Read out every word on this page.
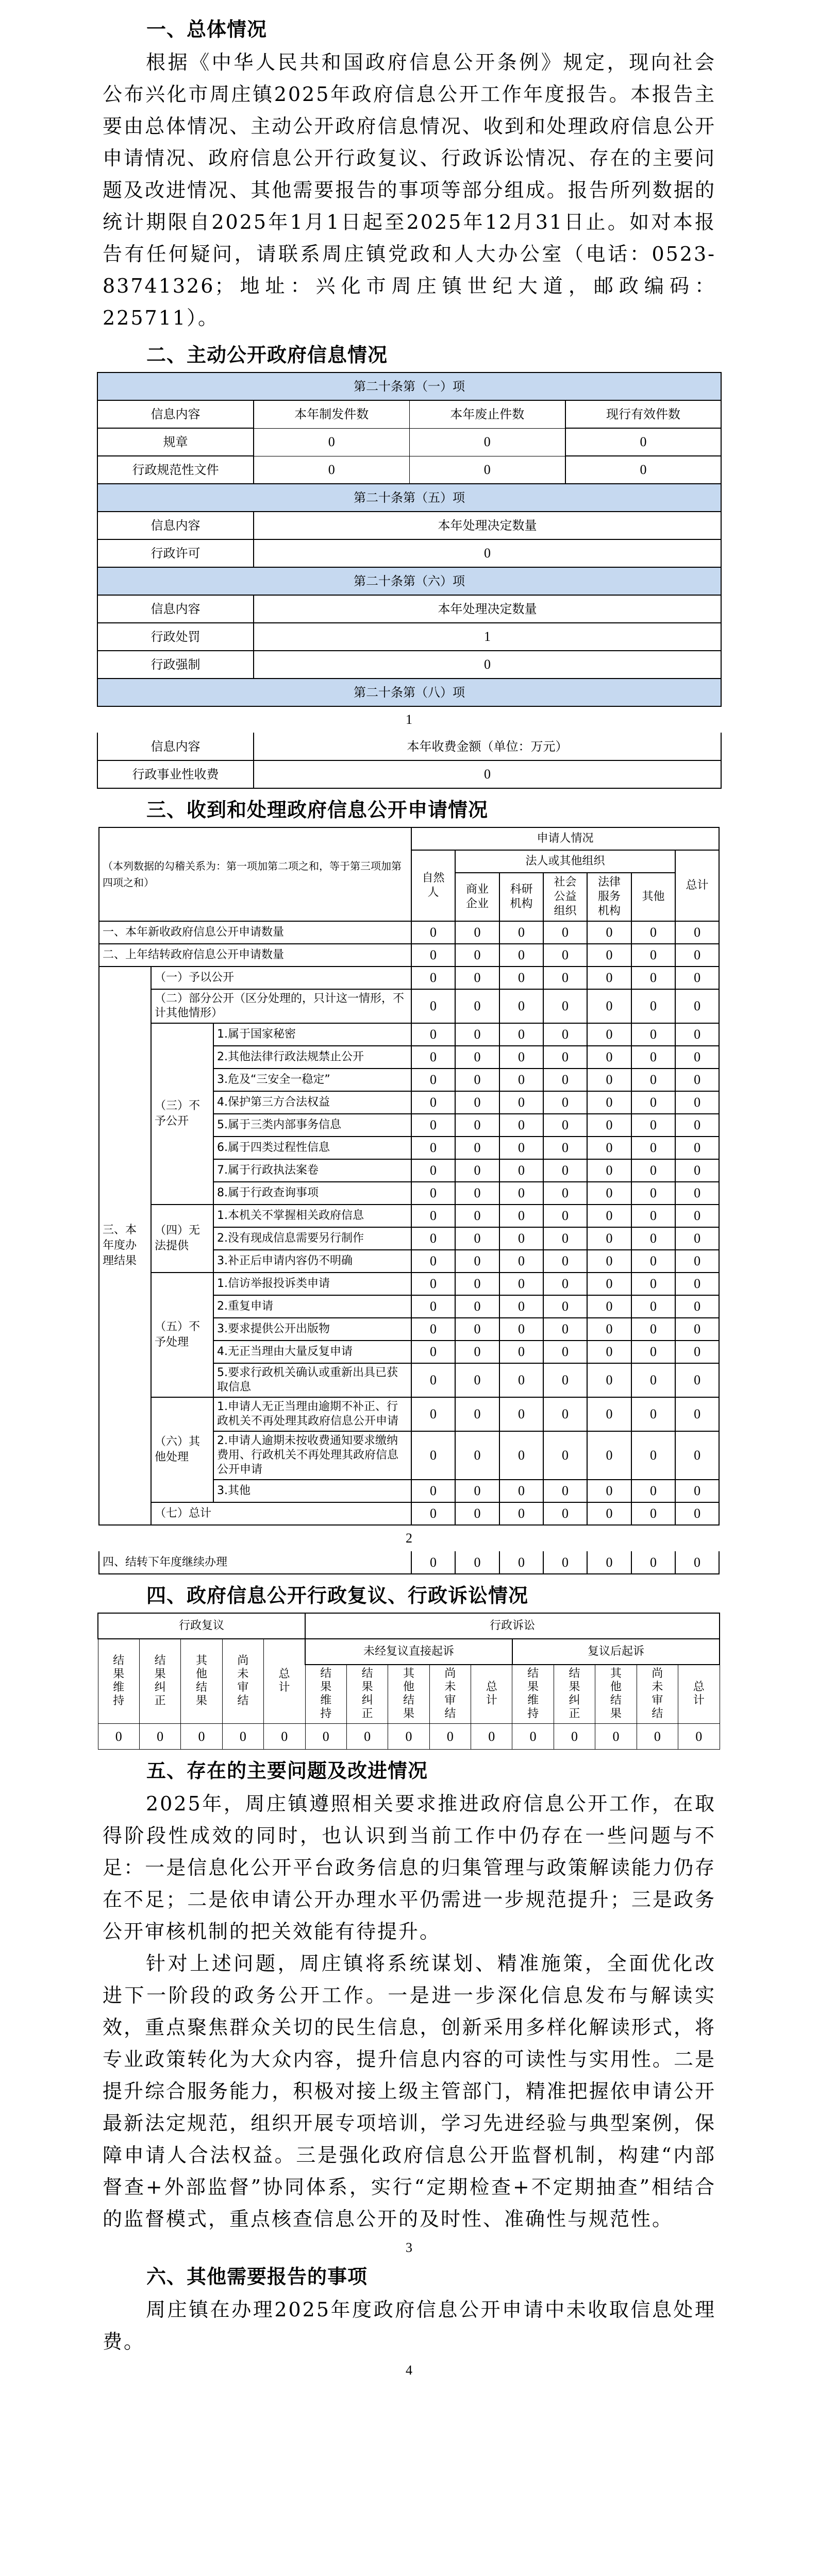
一、总体情况
根据《中华人民共和国政府信息公开条例》规定，现向社会公布兴化市周庄镇2025年政府信息公开工作年度报告。本报告主要由总体情况、主动公开政府信息情况、收到和处理政府信息公开申请情况、政府信息公开行政复议、行政诉讼情况、存在的主要问题及改进情况、其他需要报告的事项等部分组成。报告所列数据的统计期限自2025年1月1日起至2025年12月31日止。如对本报告有任何疑问，请联系周庄镇党政和人大办公室（电话：0523-83741326；地址：兴化市周庄镇世纪大道，邮政编码：225711）。
二、主动公开政府信息情况
第二十条第（一）项			
信息内容	本年制发件数	本年废止件数	现行有效件数
规章	0	0	0
行政规范性文件	0	0	0
第二十条第（五）项			
信息内容	本年处理决定数量		
行政许可	0		
第二十条第（六）项			
信息内容	本年处理决定数量		
行政处罚	1		
行政强制	0		
第二十条第（八）项			
1
信息内容	本年收费金额（单位：万元）
行政事业性收费	0
三、收到和处理政府信息公开申请情况
（本列数据的勾稽关系为：第一项加第二项之和，等于第三项加第四项之和）			申请人情况						
			自然人	法人或其他组织					总计
				商业企业	科研机构	社会公益组织	法律服务机构	其他	
一、本年新收政府信息公开申请数量			0	0	0	0	0	0	0
二、上年结转政府信息公开申请数量			0	0	0	0	0	0	0
三、本年度办理结果	（一）予以公开		0	0	0	0	0	0	0
	（二）部分公开（区分处理的，只计这一情形，不计其他情形）		0	0	0	0	0	0	0
	（三）不予公开	1.属于国家秘密	0	0	0	0	0	0	0
		2.其他法律行政法规禁止公开	0	0	0	0	0	0	0
		3.危及“三安全一稳定”	0	0	0	0	0	0	0
		4.保护第三方合法权益	0	0	0	0	0	0	0
		5.属于三类内部事务信息	0	0	0	0	0	0	0
		6.属于四类过程性信息	0	0	0	0	0	0	0
		7.属于行政执法案卷	0	0	0	0	0	0	0
		8.属于行政查询事项	0	0	0	0	0	0	0
	（四）无法提供	1.本机关不掌握相关政府信息	0	0	0	0	0	0	0
		2.没有现成信息需要另行制作	0	0	0	0	0	0	0
		3.补正后申请内容仍不明确	0	0	0	0	0	0	0
	（五）不予处理	1.信访举报投诉类申请	0	0	0	0	0	0	0
		2.重复申请	0	0	0	0	0	0	0
		3.要求提供公开出版物	0	0	0	0	0	0	0
		4.无正当理由大量反复申请	0	0	0	0	0	0	0
		5.要求行政机关确认或重新出具已获取信息	0	0	0	0	0	0	0
	（六）其他处理	1.申请人无正当理由逾期不补正、行政机关不再处理其政府信息公开申请	0	0	0	0	0	0	0
		2.申请人逾期未按收费通知要求缴纳费用、行政机关不再处理其政府信息公开申请	0	0	0	0	0	0	0
		3.其他	0	0	0	0	0	0	0
	（七）总计		0	0	0	0	0	0	0
2
四、结转下年度继续办理	0	0	0	0	0	0	0
四、政府信息公开行政复议、行政诉讼情况
行政复议					行政诉讼									
结果维持	结果纠正	其他结果	尚未审结	总计	未经复议直接起诉					复议后起诉				
					结果维持	结果纠正	其他结果	尚未审结	总计	结果维持	结果纠正	其他结果	尚未审结	总计
0	0	0	0	0	0	0	0	0	0	0	0	0	0	0
五、存在的主要问题及改进情况
2025年，周庄镇遵照相关要求推进政府信息公开工作，在取得阶段性成效的同时，也认识到当前工作中仍存在一些问题与不足：一是信息化公开平台政务信息的归集管理与政策解读能力仍存在不足；二是依申请公开办理水平仍需进一步规范提升；三是政务公开审核机制的把关效能有待提升。
针对上述问题，周庄镇将系统谋划、精准施策，全面优化改进下一阶段的政务公开工作。一是进一步深化信息发布与解读实效，重点聚焦群众关切的民生信息，创新采用多样化解读形式，将专业政策转化为大众内容，提升信息内容的可读性与实用性。二是提升综合服务能力，积极对接上级主管部门，精准把握依申请公开最新法定规范，组织开展专项培训，学习先进经验与典型案例，保障申请人合法权益。三是强化政府信息公开监督机制，构建“内部督查+外部监督”协同体系，实行“定期检查+不定期抽查”相结合的监督模式，重点核查信息公开的及时性、准确性与规范性。
3
六、其他需要报告的事项
周庄镇在办理2025年度政府信息公开申请中未收取信息处理费。
4
